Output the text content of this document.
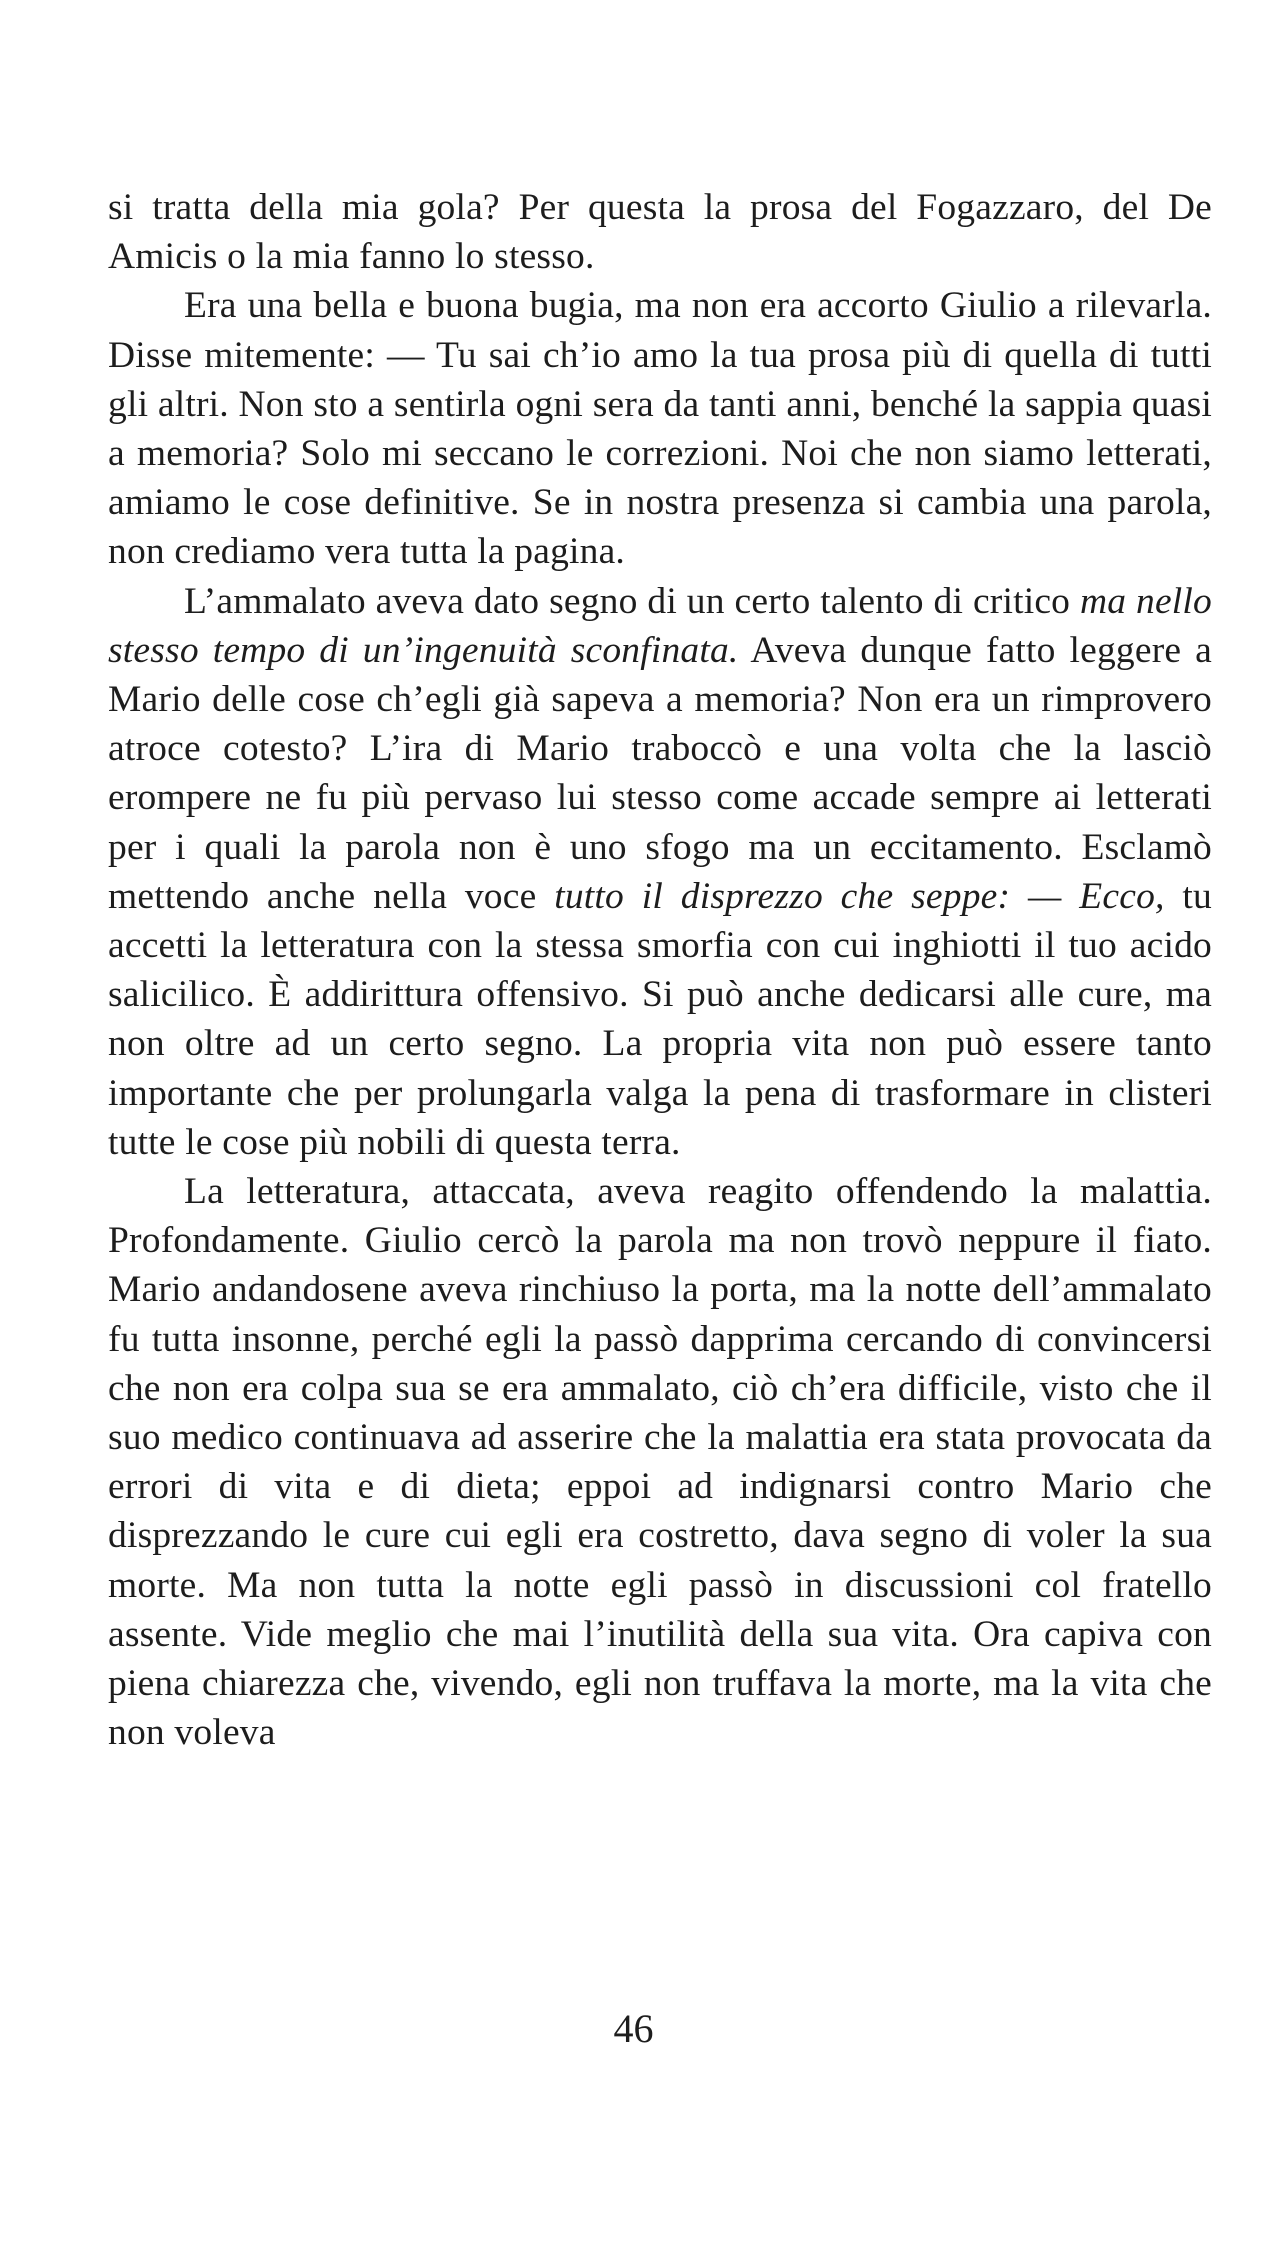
si tratta della mia gola? Per questa la prosa del Fogazzaro, del De Amicis o la mia fanno lo stesso.

Era una bella e buona bugia, ma non era accorto Giulio a rilevarla. Disse mitemente: — Tu sai ch’io amo la tua prosa più di quella di tutti gli altri. Non sto a sentirla ogni sera da tanti anni, benché la sappia quasi a memoria? Solo mi seccano le correzioni. Noi che non siamo letterati, amiamo le cose definitive. Se in nostra presenza si cambia una parola, non crediamo vera tutta la pagina.

L’ammalato aveva dato segno di un certo talento di critico ma nello stesso tempo di un’ingenuità sconfinata. Aveva dunque fatto leggere a Mario delle cose ch’egli già sapeva a memoria? Non era un rimprovero atroce cotesto? L’ira di Mario traboccò e una volta che la lasciò erompere ne fu più pervaso lui stesso come accade sempre ai letterati per i quali la parola non è uno sfogo ma un eccitamento. Esclamò mettendo anche nella voce tutto il disprezzo che seppe: — Ecco, tu accetti la letteratura con la stessa smorfia con cui inghiotti il tuo acido salicilico. È addirittura offensivo. Si può anche dedicarsi alle cure, ma non oltre ad un certo segno. La propria vita non può essere tanto importante che per prolungarla valga la pena di trasformare in clisteri tutte le cose più nobili di questa terra.

La letteratura, attaccata, aveva reagito offendendo la malattia. Profondamente. Giulio cercò la parola ma non trovò neppure il fiato. Mario andandosene aveva rinchiuso la porta, ma la notte dell’ammalato fu tutta insonne, perché egli la passò dapprima cercando di convincersi che non era colpa sua se era ammalato, ciò ch’era difficile, visto che il suo medico continuava ad asserire che la malattia era stata provocata da errori di vita e di dieta; eppoi ad indignarsi contro Mario che disprezzando le cure cui egli era costretto, dava segno di voler la sua morte. Ma non tutta la notte egli passò in discussioni col fratello assente. Vide meglio che mai l’inutilità della sua vita. Ora capiva con piena chiarezza che, vivendo, egli non truffava la morte, ma la vita che non voleva

46
